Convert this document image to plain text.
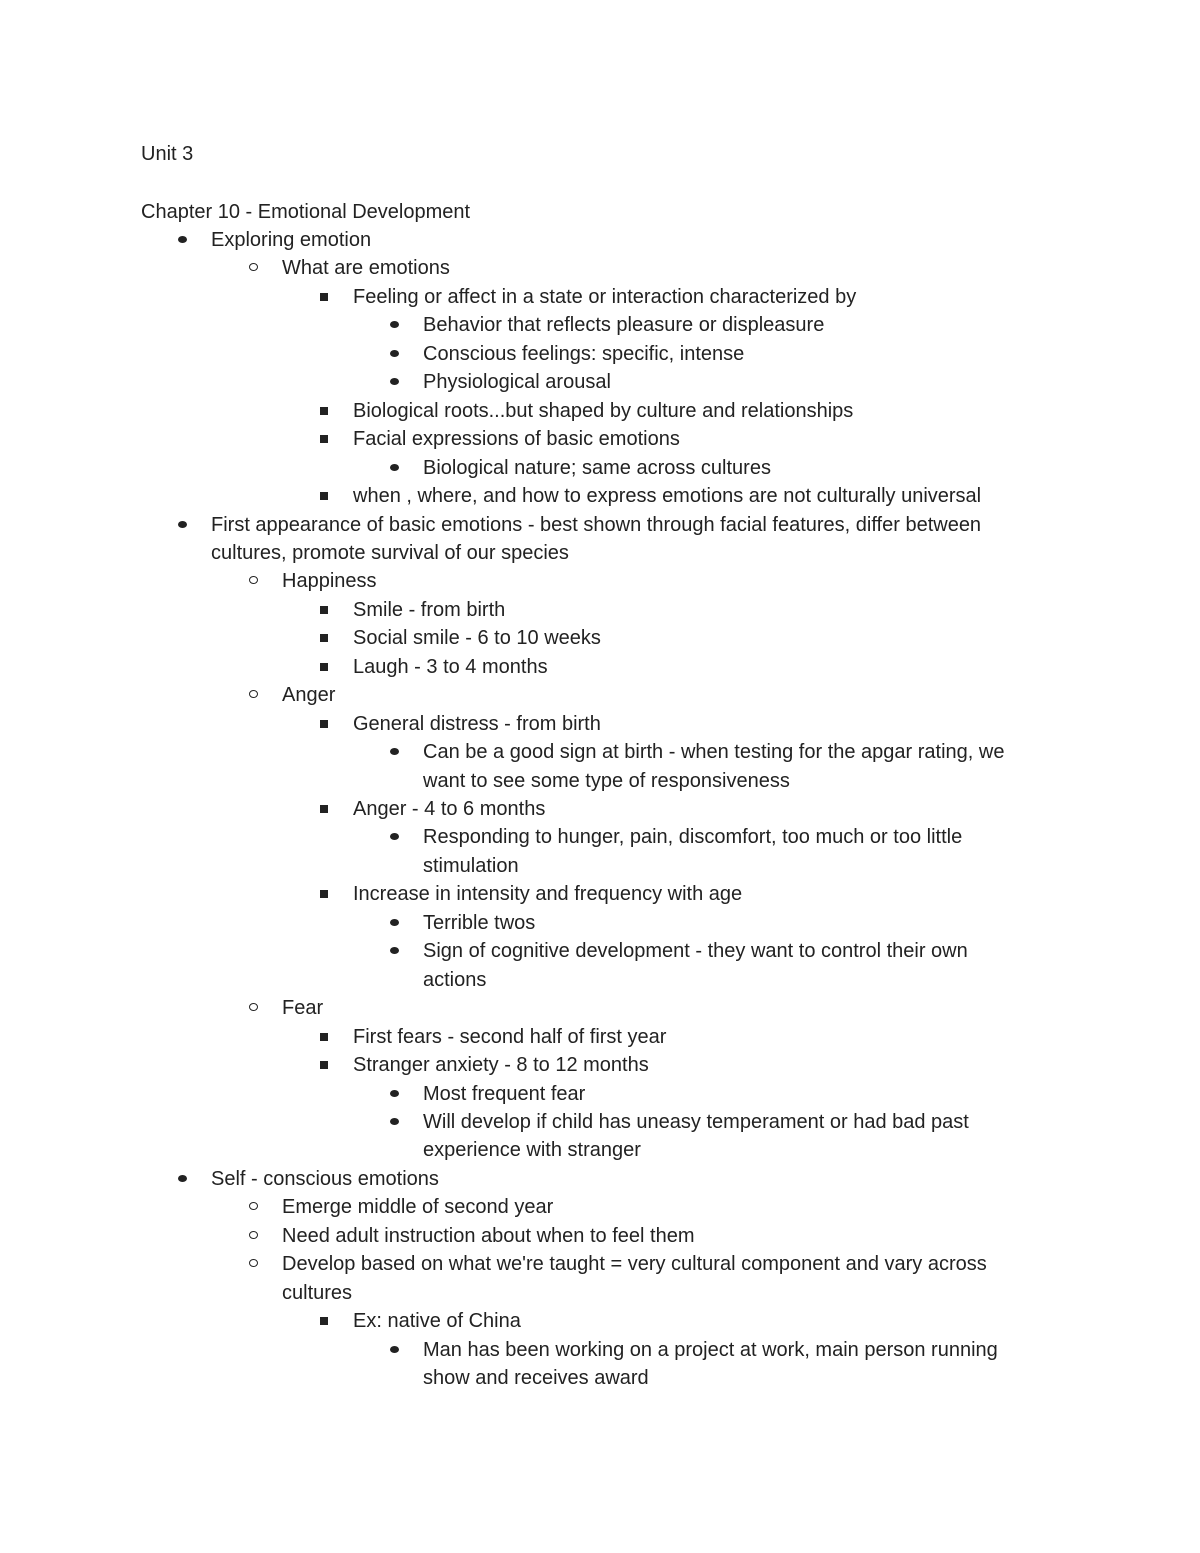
Unit 3
Chapter 10 - Emotional Development
Exploring emotion
What are emotions
Feeling or affect in a state or interaction characterized by
Behavior that reflects pleasure or displeasure
Conscious feelings: specific, intense
Physiological arousal
Biological roots...but shaped by culture and relationships
Facial expressions of basic emotions
Biological nature; same across cultures
when , where, and how to express emotions are not culturally universal
First appearance of basic emotions - best shown through facial features, differ between
cultures, promote survival of our species
Happiness
Smile - from birth
Social smile - 6 to 10 weeks
Laugh - 3 to 4 months
Anger
General distress - from birth
Can be a good sign at birth - when testing for the apgar rating, we
want to see some type of responsiveness
Anger - 4 to 6 months
Responding to hunger, pain, discomfort, too much or too little
stimulation
Increase in intensity and frequency with age
Terrible twos
Sign of cognitive development - they want to control their own
actions
Fear
First fears - second half of first year
Stranger anxiety - 8 to 12 months
Most frequent fear
Will develop if child has uneasy temperament or had bad past
experience with stranger
Self - conscious emotions
Emerge middle of second year
Need adult instruction about when to feel them
Develop based on what we're taught = very cultural component and vary across
cultures
Ex: native of China
Man has been working on a project at work, main person running
show and receives award
